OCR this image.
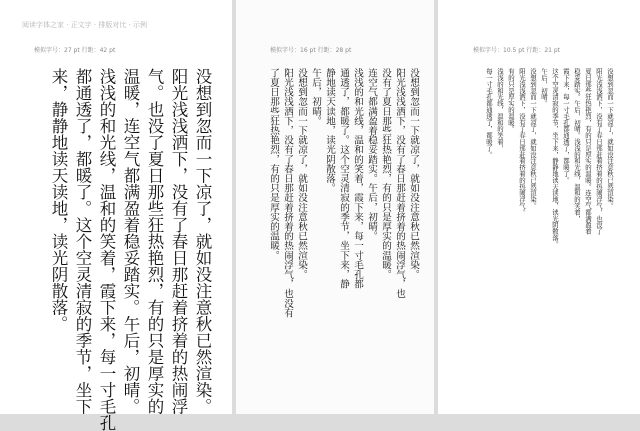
阅读字体之家 · 正文字 · 排版对比 · 示例
模拟字号：27 pt 行距：42 pt	模拟字号：16 pt 行距：28 pt	模拟字号：10.5 pt 行距：21 pt
没想到忽而一下凉了，就如没注意秋已然渲染。
阳光浅浅洒下，没有了春日那赶着挤着的热闹浮
气。也没了夏日那些狂热艳烈，有的只是厚实的
温暖，连空气都满盈着稳妥踏实。午后，初晴。
浅浅的和光线，温和的笑着，霞下来，每一寸毛孔
都通透了，都暖了。这个空灵清寂的季节，坐下
来，静静地读天读地，读光阴散落。	没想到忽而一下就凉了，就如没注意秋已然渲染。
阳光浅浅洒下，没有了春日那赶着挤着的热闹浮气，也
没有了夏日那些狂热艳烈，有的只是厚实的温暖。
连空气都满盈着稳妥踏实。午后，初晴。
浅浅的和光线，温和的笑着，霞下来，每一寸毛孔都
通透了，都暖了。这个空灵清寂的季节，坐下来，静
静地读天读地，读光阴散落。
午后，初晴。
没想到忽而一下就凉了，就如没注意秋已然渲染。
阳光浅浅洒下，没有了春日那赶着挤着的热闹浮气，也没有
了夏日那些狂热艳烈，有的只是厚实的温暖。	没想到忽而一下就凉了，就如没注意秋已然渲染。
阳光浅浅洒下，没有了春日那赶着挤着的热闹浮气，也没了
夏日那些狂热艳烈，有的只是厚实的温暖。连空气都满盈着
稳妥踏实。午后，初晴。浅浅的和光线，温和的笑着，
霞下来，每一寸毛孔都通透了，都暖了。
这个空灵清寂的季节，坐下来，静静地读天读地，读光阴散落。
午后，初晴。
没想到忽而一下就凉了，就如没注意秋已然渲染。
阳光浅浅洒下，没有了春日那赶着挤着的热闹浮气。
有的只是厚实的温暖。
浅浅的和光线，温和的笑着，
每一寸毛孔都通透了，都暖了。
